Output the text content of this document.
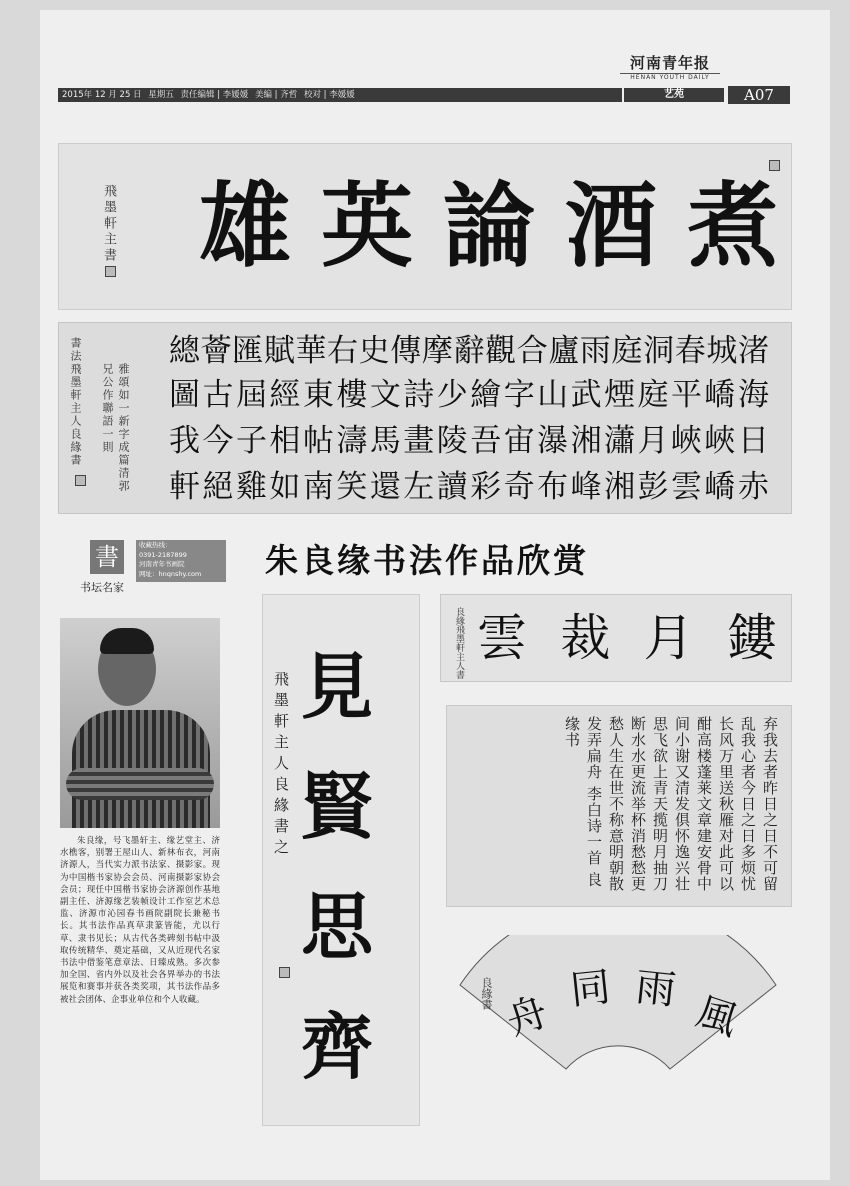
河南青年报
HENAN YOUTH DAILY
2015年 12 月 25 日 星期五 责任编辑 | 李媛媛 美编 | 齐哲 校对 | 李媛媛	艺苑	A07
雄 英 論 酒 煮
飛墨軒主書
總 薈 匯 賦 華 右 史 傳 摩 辭 觀 合 廬 雨 庭 洞 春 城 渚
圖 古 屆 經 東 樓 文 詩 少 繪 字 山 武 煙 庭 平 嶠 海
我 今 子 相 帖 濤 馬 畫 陵 吾 宙 瀑 湘 瀟 月 峽 峽 日
軒 絕 雞 如 南 笑 還 左 讀 彩 奇 布 峰 湘 彭 雲 嶠 赤
書法飛墨軒主人良緣書	雅頌如一新字成篇清郭兄公作聯語一則
朱良缘书法作品欣赏
書
书坛名家
收藏热线：
0391-2187899
河南青年书画院
网址：hnqnshy.com
朱良缘，号飞墨轩主、缘艺堂主、济水樵客，别署王屋山人、新林布衣，河南济源人，当代实力派书法家、摄影家。现为中国楷书家协会会员、河南摄影家协会会员；现任中国楷书家协会济源创作基地副主任、济源缘艺装帧设计工作室艺术总监、济源市沁园春书画院副院长兼秘书长。其书法作品真草隶篆皆能，尤以行草、隶书见长；从古代各类碑刻书帖中汲取传统精华、奠定基础，又从近现代名家书法中借鉴笔意章法、日臻成熟。多次参加全国、省内外以及社会各界举办的书法展览和赛事并获各类奖项，其书法作品多被社会团体、企事业单位和个人收藏。
見
賢
思
齊
飛墨軒主人良緣書之
雲 裁 月 鏤
良緣飛墨軒主人書
弃我去者昨日之日不可留乱我心者今日之日多烦忧长风万里送秋雁对此可以酣高楼蓬莱文章建安骨中间小谢又清发俱怀逸兴壮思飞欲上青天揽明月抽刀断水水更流举杯消愁愁更愁人生在世不称意明朝散发弄扁舟 李白诗一首 良缘书
風
雨
同
舟
良緣書
